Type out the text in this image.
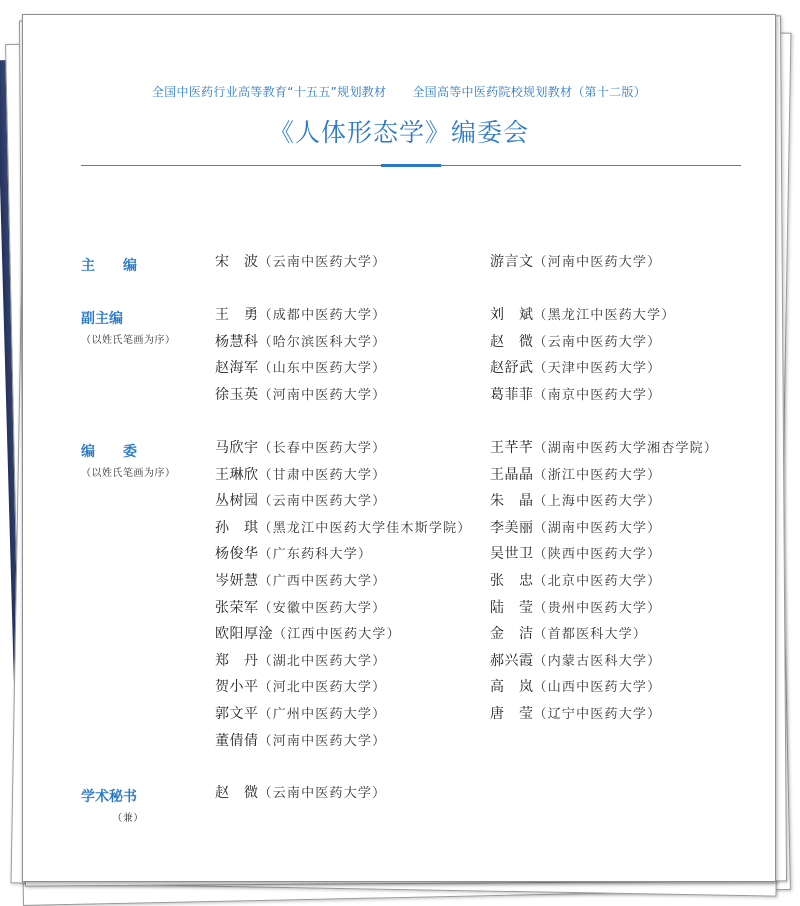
全国中医药行业高等教育“十五五”规划教材 全国高等中医药院校规划教材（第十二版）
《人体形态学》编委会
主　　编	宋　波（云南中医药大学）	游言文（河南中医药大学）
副主编
（以姓氏笔画为序）
王　勇（成都中医药大学）
杨慧科（哈尔滨医科大学）
赵海军（山东中医药大学）
徐玉英（河南中医药大学）
刘　斌（黑龙江中医药大学）
赵　微（云南中医药大学）
赵舒武（天津中医药大学）
葛菲菲（南京中医药大学）
编　　委
（以姓氏笔画为序）
马欣宇（长春中医药大学）
王琳欣（甘肃中医药大学）
丛树园（云南中医药大学）
孙　琪（黑龙江中医药大学佳木斯学院）
杨俊华（广东药科大学）
岑妍慧（广西中医药大学）
张荣军（安徽中医药大学）
欧阳厚淦（江西中医药大学）
郑　丹（湖北中医药大学）
贺小平（河北中医药大学）
郭文平（广州中医药大学）
董倩倩（河南中医药大学）
王芊芊（湖南中医药大学湘杏学院）
王晶晶（浙江中医药大学）
朱　晶（上海中医药大学）
李美丽（湖南中医药大学）
吴世卫（陕西中医药大学）
张　忠（北京中医药大学）
陆　莹（贵州中医药大学）
金　洁（首都医科大学）
郝兴霞（内蒙古医科大学）
高　岚（山西中医药大学）
唐　莹（辽宁中医药大学）
学术秘书
（兼）
赵　微（云南中医药大学）
